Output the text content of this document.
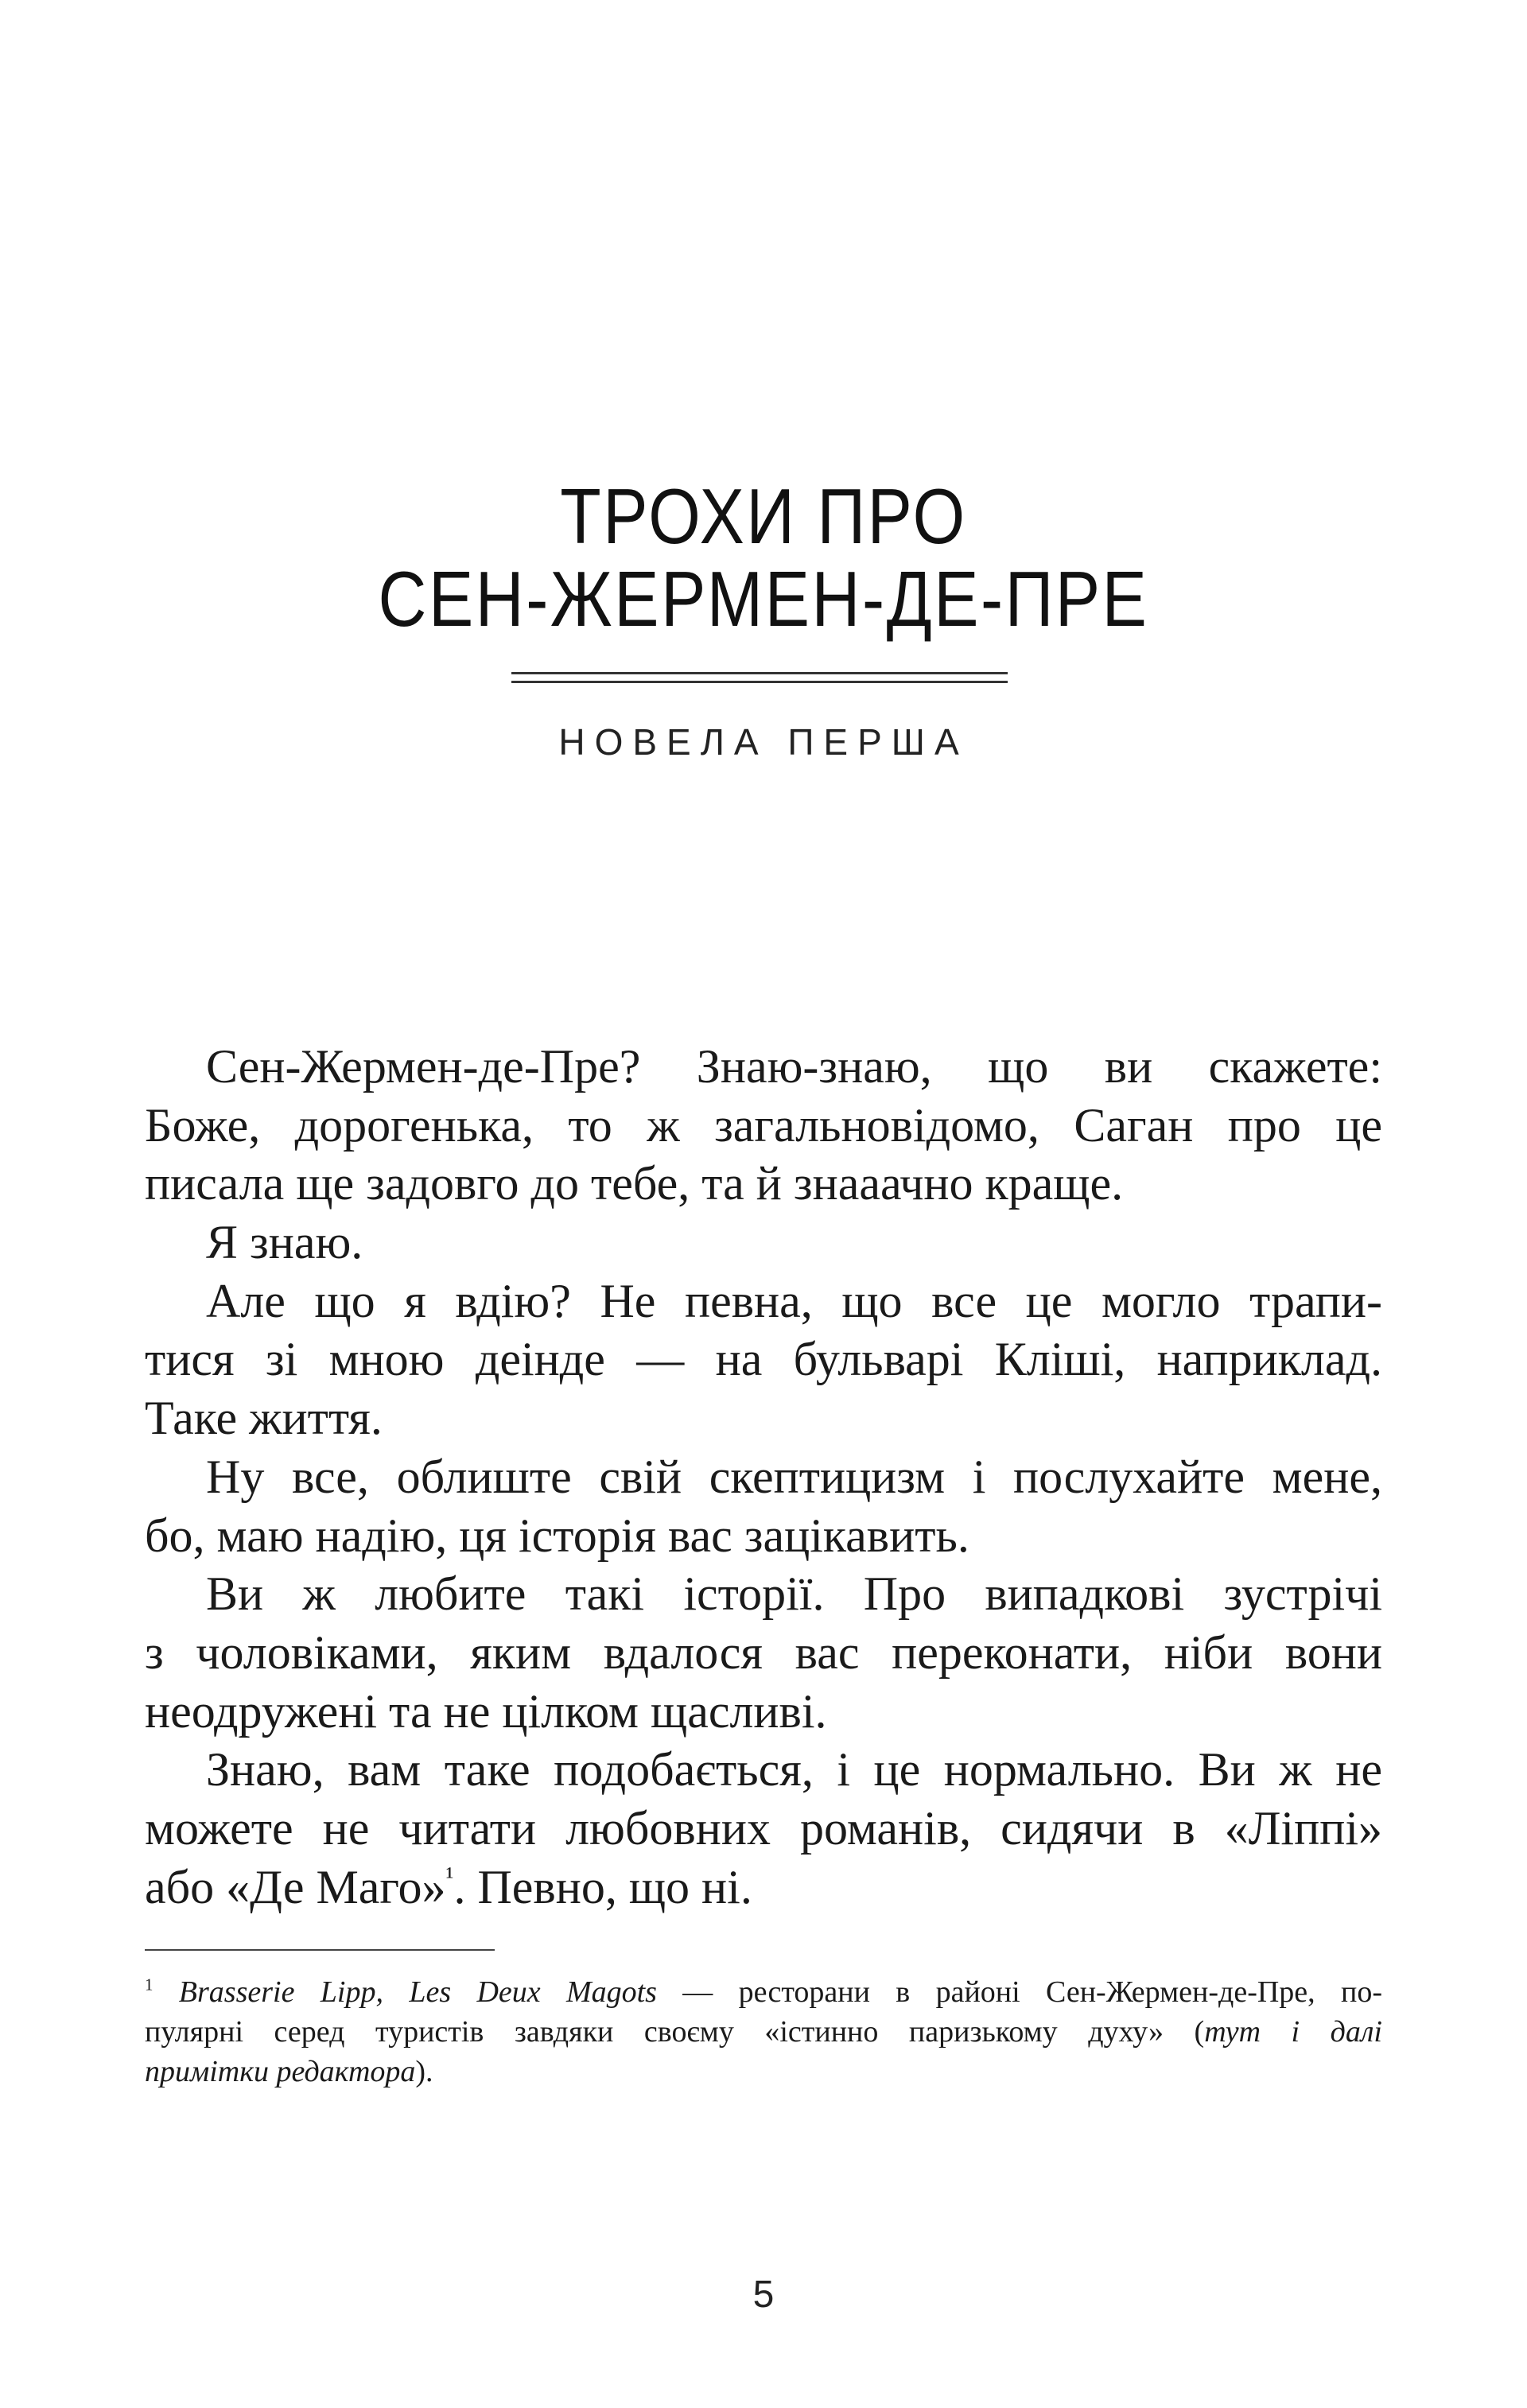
ТРОХИ ПРО
СЕН-ЖЕРМЕН-ДЕ-ПРЕ
НОВЕЛА ПЕРША
Сен-Жермен-де-Пре? Знаю-знаю, що ви скажете:
Боже, дорогенька, то ж загальновідомо, Саган про це
писала ще задовго до тебе, та й знааачно краще.
Я знаю.
Але що я вдію? Не певна, що все це могло трапи-
тися зі мною деінде — на бульварі Кліші, наприклад.
Таке життя.
Ну все, облиште свій скептицизм і послухайте мене,
бо, маю надію, ця історія вас зацікавить.
Ви ж любите такі історії. Про випадкові зустрічі
з чоловіками, яким вдалося вас переконати, ніби вони
неодружені та не цілком щасливі.
Знаю, вам таке подобається, і це нормально. Ви ж не
можете не читати любовних романів, сидячи в «Ліппі»
або «Де Маго»$^{^1}$. Певно, що ні.
$^1$ Brasserie Lipp, Les Deux Magots — ресторани в районі Сен-Жермен-де-Пре, по-
пулярні серед туристів завдяки своєму «істинно паризькому духу» (тут і далі
примітки редактора).
5
